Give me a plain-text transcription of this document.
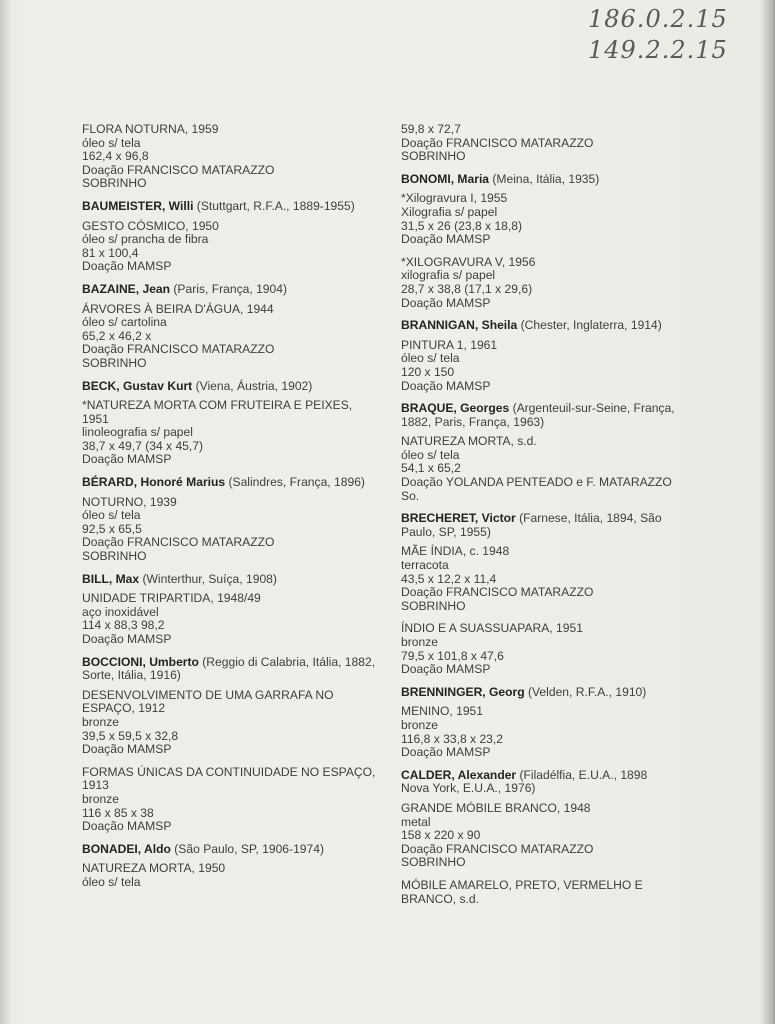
186.0.2.15
149.2.2.15
FLORA NOTURNA, 1959
óleo s/ tela
162,4 x 96,8
Doação FRANCISCO MATARAZZO
SOBRINHO
BAUMEISTER, Willi (Stuttgart, R.F.A., 1889-1955)
GESTO CÓSMICO, 1950
óleo s/ prancha de fibra
81 x 100,4
Doação MAMSP
BAZAINE, Jean (Paris, França, 1904)
ÁRVORES À BEIRA D'ÁGUA, 1944
óleo s/ cartolina
65,2 x 46,2 x
Doação FRANCISCO MATARAZZO
SOBRINHO
BECK, Gustav Kurt (Viena, Áustria, 1902)
*NATUREZA MORTA COM FRUTEIRA E PEIXES, 1951
linoleografia s/ papel
38,7 x 49,7 (34 x 45,7)
Doação MAMSP
BÉRARD, Honoré Marius (Salindres, França, 1896)
NOTURNO, 1939
óleo s/ tela
92,5 x 65,5
Doação FRANCISCO MATARAZZO
SOBRINHO
BILL, Max (Winterthur, Suíça, 1908)
UNIDADE TRIPARTIDA, 1948/49
aço inoxidável
114 x 88,3 98,2
Doação MAMSP
BOCCIONI, Umberto (Reggio di Calabria, Itália, 1882, Sorte, Itália, 1916)
DESENVOLVIMENTO DE UMA GARRAFA NO ESPAÇO, 1912
bronze
39,5 x 59,5 x 32,8
Doação MAMSP
FORMAS ÚNICAS DA CONTINUIDADE NO ESPAÇO, 1913
bronze
116 x 85 x 38
Doação MAMSP
BONADEI, Aldo (São Paulo, SP, 1906-1974)
NATUREZA MORTA, 1950
óleo s/ tela
59,8 x 72,7
Doação FRANCISCO MATARAZZO
SOBRINHO
BONOMI, Maria (Meina, Itália, 1935)
*Xilogravura I, 1955
Xilografia s/ papel
31,5 x 26 (23,8 x 18,8)
Doação MAMSP
*XILOGRAVURA V, 1956
xilografia s/ papel
28,7 x 38,8 (17,1 x 29,6)
Doação MAMSP
BRANNIGAN, Sheila (Chester, Inglaterra, 1914)
PINTURA 1, 1961
óleo s/ tela
120 x 150
Doação MAMSP
BRAQUE, Georges (Argenteuil-sur-Seine, França, 1882, Paris, França, 1963)
NATUREZA MORTA, s.d.
óleo s/ tela
54,1 x 65,2
Doação YOLANDA PENTEADO e F. MATARAZZO So.
BRECHERET, Victor (Farnese, Itália, 1894, São Paulo, SP, 1955)
MÃE ÍNDIA, c. 1948
terracota
43,5 x 12,2 x 11,4
Doação FRANCISCO MATARAZZO
SOBRINHO
ÍNDIO E A SUASSUAPARA, 1951
bronze
79,5 x 101,8 x 47,6
Doação MAMSP
BRENNINGER, Georg (Velden, R.F.A., 1910)
MENINO, 1951
bronze
116,8 x 33,8 x 23,2
Doação MAMSP
CALDER, Alexander (Filadélfia, E.U.A., 1898 Nova York, E.U.A., 1976)
GRANDE MÓBILE BRANCO, 1948
metal
158 x 220 x 90
Doação FRANCISCO MATARAZZO
SOBRINHO
MÓBILE AMARELO, PRETO, VERMELHO E BRANCO, s.d.
